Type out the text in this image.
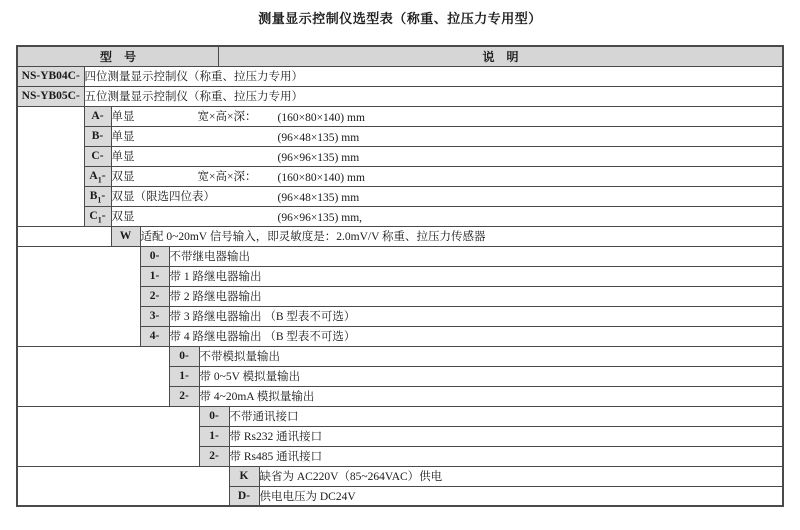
测量显示控制仪选型表（称重、拉压力专用型）
型　号 说　明							

NS-YB04C-	四位测量显示控制仪（称重、拉压力专用）						
NS-YB05C-	五位测量显示控制仪（称重、拉压力专用）						
	A-	单显 宽×高×深： (160×80×140) mm					
	B-	单显 (96×48×135) mm					
	C-	单显 (96×96×135) mm					
	$A_1-$	双显 宽×高×深： (160×80×140) mm					
	$B_1-$	双显（限选四位表） (96×48×135) mm					
	$C_1-$	双显 (96×96×135) mm,					
		W	适配 0~20mV 信号输入，即灵敏度是：2.0mV/V 称重、拉压力传感器				
			0-	不带继电器输出			
			1-	带 1 路继电器输出			
			2-	带 2 路继电器输出			
			3-	带 3 路继电器输出 （B 型表不可选）			
			4-	带 4 路继电器输出 （B 型表不可选）			
				0-	不带模拟量输出		
				1-	带 0~5V 模拟量输出		
				2-	带 4~20mA 模拟量输出		
					0-	不带通讯接口	
					1-	带 Rs232 通讯接口	
					2-	带 Rs485 通讯接口	
						K	缺省为 AC220V（85~264VAC）供电
						D-	供电电压为 DC24V
